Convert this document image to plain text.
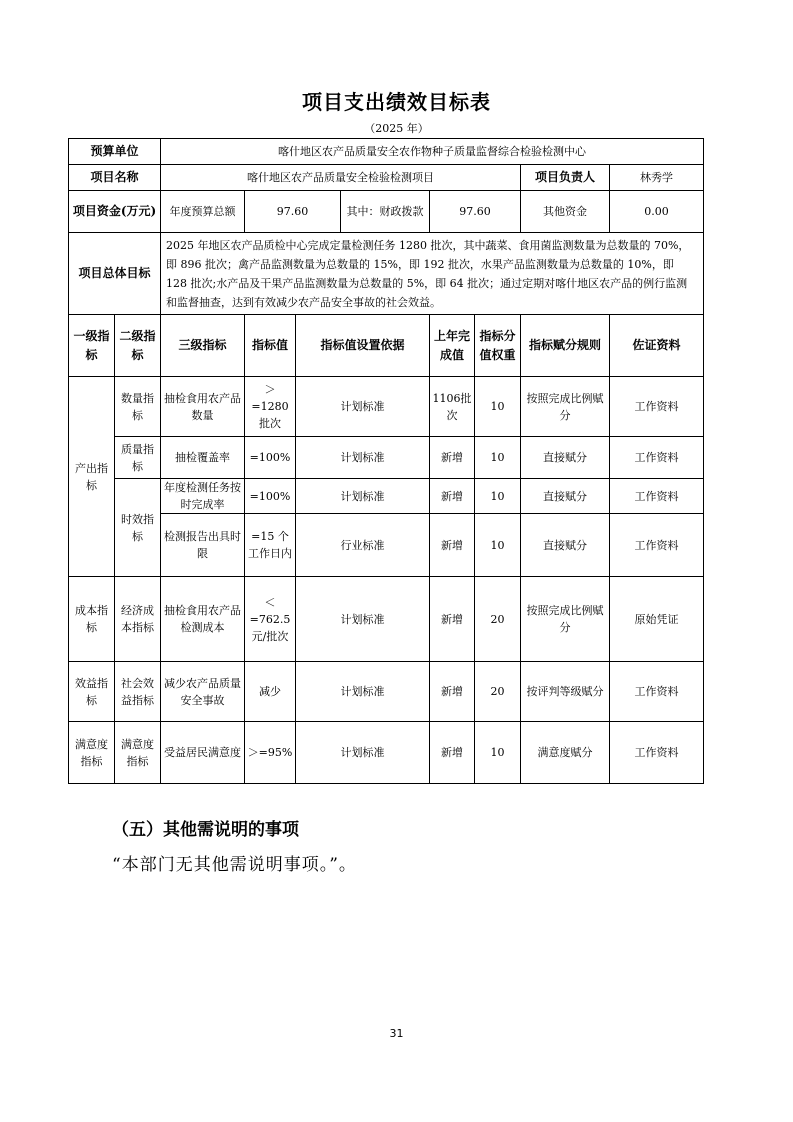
项目支出绩效目标表
（2025 年）
预算单位		喀什地区农产品质量安全农作物种子质量监督综合检验检测中心							
项目名称		喀什地区农产品质量安全检验检测项目						项目负责人	林秀学
项目资金(万元)		年度预算总额	97.60		其中：财政拨款	97.60		其他资金	0.00
项目总体目标		2025 年地区农产品质检中心完成定量检测任务 1280 批次，其中蔬菜、食用菌监测数量为总数量的 70%，即 896 批次；禽产品监测数量为总数量的 15%，即 192 批次，水果产品监测数量为总数量的 10%，即 128 批次;水产品及干果产品监测数量为总数量的 5%，即 64 批次；通过定期对喀什地区农产品的例行监测和监督抽查，达到有效减少农产品安全事故的社会效益。							
一级指标	二级指标	三级指标	指标值	指标值设置依据		上年完成值	指标分值权重	指标赋分规则	佐证资料
产出指标	数量指标	抽检食用农产品数量	＞=1280批次	计划标准		1106批次	10	按照完成比例赋分	工作资料
	质量指标	抽检覆盖率	=100%	计划标准		新增	10	直接赋分	工作资料
	时效指标	年度检测任务按时完成率	=100%	计划标准		新增	10	直接赋分	工作资料
		检测报告出具时限	=15 个工作日内	行业标准		新增	10	直接赋分	工作资料
成本指标	经济成本指标	抽检食用农产品检测成本	＜=762.5元/批次	计划标准		新增	20	按照完成比例赋分	原始凭证
效益指标	社会效益指标	减少农产品质量安全事故	减少	计划标准		新增	20	按评判等级赋分	工作资料
满意度指标	满意度指标	受益居民满意度	＞=95%	计划标准		新增	10	满意度赋分	工作资料
（五）其他需说明的事项
“本部门无其他需说明事项。”。
31
